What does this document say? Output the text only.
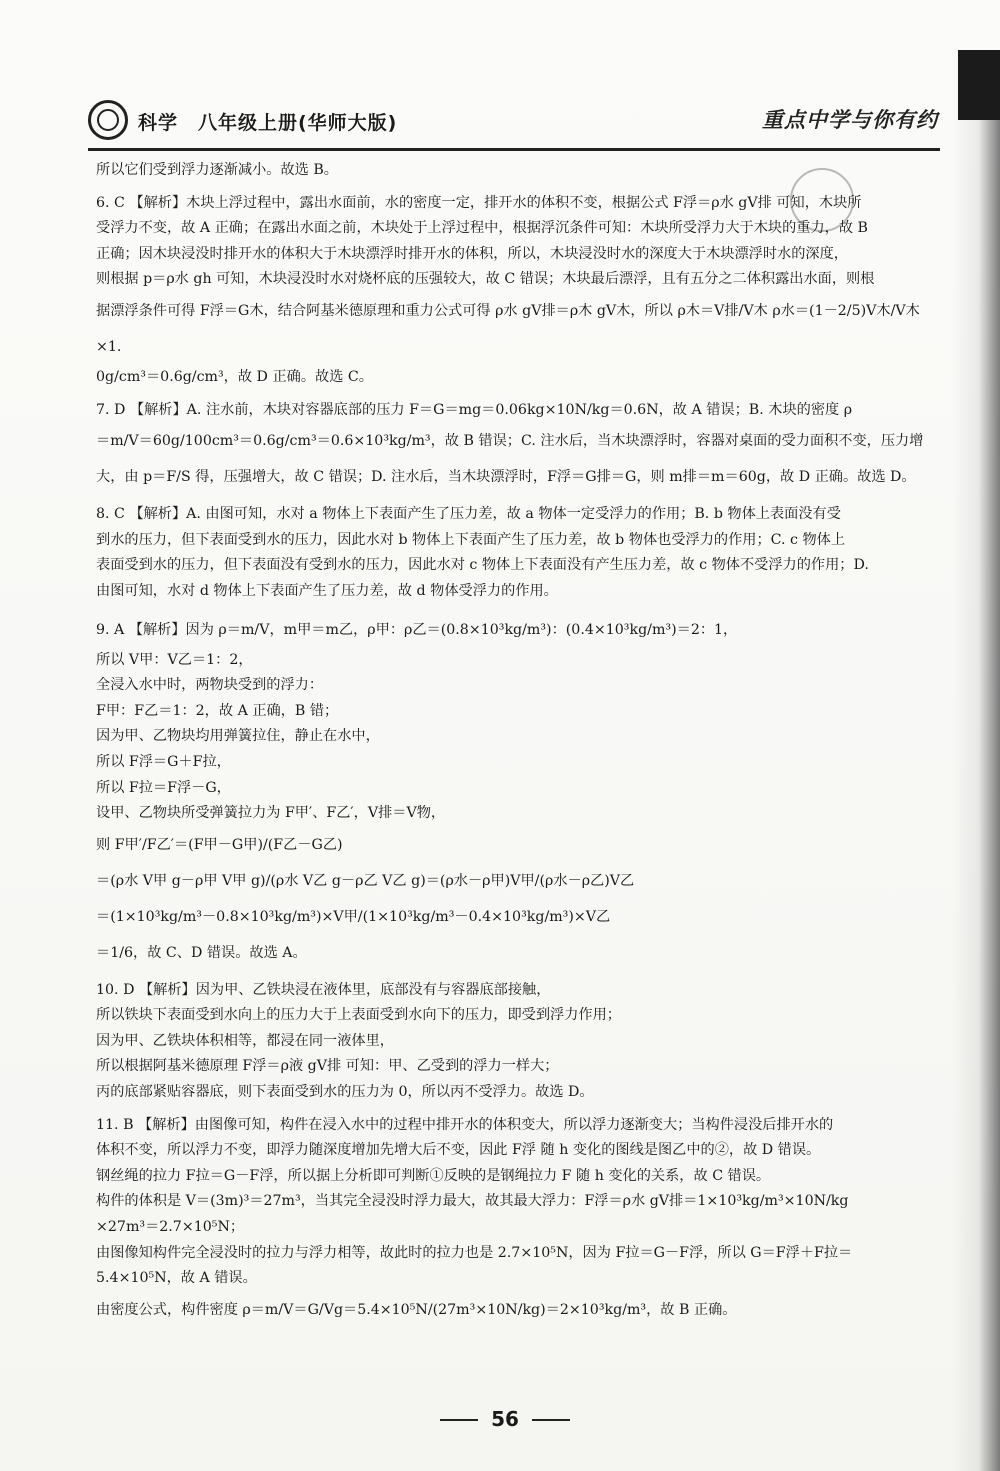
科学　八年级上册(华师大版)	重点中学与你有约

所以它们受到浮力逐渐减小。故选 B。

6. C 【解析】木块上浮过程中，露出水面前，水的密度一定，排开水的体积不变，根据公式 F浮＝ρ水 gV排 可知，木块所

受浮力不变，故 A 正确；在露出水面之前，木块处于上浮过程中，根据浮沉条件可知：木块所受浮力大于木块的重力，故 B

正确；因木块浸没时排开水的体积大于木块漂浮时排开水的体积，所以，木块浸没时水的深度大于木块漂浮时水的深度，

则根据 p＝ρ水 gh 可知，木块浸没时水对烧杯底的压强较大，故 C 错误；木块最后漂浮，且有五分之二体积露出水面，则根

据漂浮条件可得 F浮＝G木，结合阿基米德原理和重力公式可得 ρ水 gV排＝ρ木 gV木，所以 ρ木＝V排/V木 ρ水＝(1－2/5)V木/V木 ×1.

0g/cm³＝0.6g/cm³，故 D 正确。故选 C。

7. D 【解析】A. 注水前，木块对容器底部的压力 F＝G＝mg＝0.06kg×10N/kg＝0.6N，故 A 错误；B. 木块的密度 ρ

＝m/V＝60g/100cm³＝0.6g/cm³＝0.6×10³kg/m³，故 B 错误；C. 注水后，当木块漂浮时，容器对桌面的受力面积不变，压力增

大，由 p＝F/S 得，压强增大，故 C 错误；D. 注水后，当木块漂浮时，F浮＝G排＝G，则 m排＝m＝60g，故 D 正确。故选 D。

8. C 【解析】A. 由图可知，水对 a 物体上下表面产生了压力差，故 a 物体一定受浮力的作用；B. b 物体上表面没有受

到水的压力，但下表面受到水的压力，因此水对 b 物体上下表面产生了压力差，故 b 物体也受浮力的作用；C. c 物体上

表面受到水的压力，但下表面没有受到水的压力，因此水对 c 物体上下表面没有产生压力差，故 c 物体不受浮力的作用；D.

由图可知，水对 d 物体上下表面产生了压力差，故 d 物体受浮力的作用。

9. A 【解析】因为 ρ＝m/V，m甲＝m乙，ρ甲：ρ乙＝(0.8×10³kg/m³)：(0.4×10³kg/m³)＝2：1，

所以 V甲：V乙＝1：2，

全浸入水中时，两物块受到的浮力：

F甲：F乙＝1：2，故 A 正确，B 错；

因为甲、乙物块均用弹簧拉住，静止在水中，

所以 F浮＝G＋F拉，

所以 F拉＝F浮－G，

设甲、乙物块所受弹簧拉力为 F甲′、F乙′，V排＝V物，

则 F甲′/F乙′＝(F甲－G甲)/(F乙－G乙)

＝(ρ水 V甲 g－ρ甲 V甲 g)/(ρ水 V乙 g－ρ乙 V乙 g)＝(ρ水－ρ甲)V甲/(ρ水－ρ乙)V乙

＝(1×10³kg/m³－0.8×10³kg/m³)×V甲/(1×10³kg/m³－0.4×10³kg/m³)×V乙

＝1/6，故 C、D 错误。故选 A。

10. D 【解析】因为甲、乙铁块浸在液体里，底部没有与容器底部接触，

所以铁块下表面受到水向上的压力大于上表面受到水向下的压力，即受到浮力作用；

因为甲、乙铁块体积相等，都浸在同一液体里，

所以根据阿基米德原理 F浮＝ρ液 gV排 可知：甲、乙受到的浮力一样大；

丙的底部紧贴容器底，则下表面受到水的压力为 0，所以丙不受浮力。故选 D。

11. B 【解析】由图像可知，构件在浸入水中的过程中排开水的体积变大，所以浮力逐渐变大；当构件浸没后排开水的

体积不变，所以浮力不变，即浮力随深度增加先增大后不变，因此 F浮 随 h 变化的图线是图乙中的②，故 D 错误。

钢丝绳的拉力 F拉＝G－F浮，所以据上分析即可判断①反映的是钢绳拉力 F 随 h 变化的关系，故 C 错误。

构件的体积是 V＝(3m)³＝27m³，当其完全浸没时浮力最大，故其最大浮力：F浮＝ρ水 gV排＝1×10³kg/m³×10N/kg

×27m³＝2.7×10⁵N；

由图像知构件完全浸没时的拉力与浮力相等，故此时的拉力也是 2.7×10⁵N，因为 F拉＝G－F浮，所以 G＝F浮＋F拉＝

5.4×10⁵N，故 A 错误。

由密度公式，构件密度 ρ＝m/V＝G/Vg＝5.4×10⁵N/(27m³×10N/kg)＝2×10³kg/m³，故 B 正确。

56
